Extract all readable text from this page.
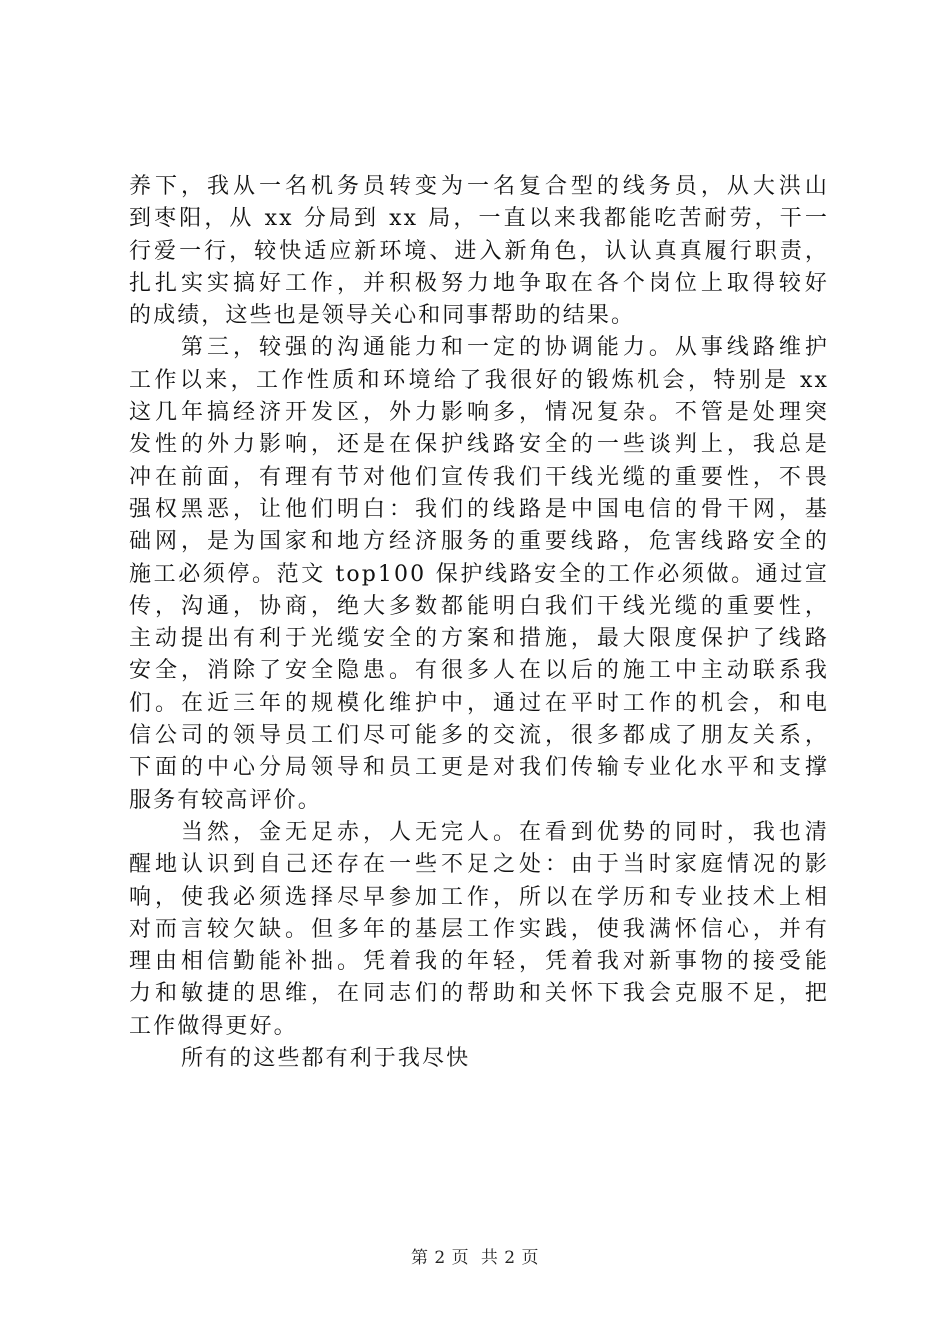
养下，我从一名机务员转变为一名复合型的线务员，从大洪山
到枣阳，从 xx 分局到 xx 局，一直以来我都能吃苦耐劳，干一
行爱一行，较快适应新环境、进入新角色，认认真真履行职责，
扎扎实实搞好工作，并积极努力地争取在各个岗位上取得较好
的成绩，这些也是领导关心和同事帮助的结果。
第三，较强的沟通能力和一定的协调能力。从事线路维护
工作以来，工作性质和环境给了我很好的锻炼机会，特别是 xx
这几年搞经济开发区，外力影响多，情况复杂。不管是处理突
发性的外力影响，还是在保护线路安全的一些谈判上，我总是
冲在前面，有理有节对他们宣传我们干线光缆的重要性，不畏
强权黑恶，让他们明白：我们的线路是中国电信的骨干网，基
础网，是为国家和地方经济服务的重要线路，危害线路安全的
施工必须停。范文 top100 保护线路安全的工作必须做。通过宣
传，沟通，协商，绝大多数都能明白我们干线光缆的重要性，
主动提出有利于光缆安全的方案和措施，最大限度保护了线路
安全，消除了安全隐患。有很多人在以后的施工中主动联系我
们。在近三年的规模化维护中，通过在平时工作的机会，和电
信公司的领导员工们尽可能多的交流，很多都成了朋友关系，
下面的中心分局领导和员工更是对我们传输专业化水平和支撑
服务有较高评价。
当然，金无足赤，人无完人。在看到优势的同时，我也清
醒地认识到自己还存在一些不足之处：由于当时家庭情况的影
响，使我必须选择尽早参加工作，所以在学历和专业技术上相
对而言较欠缺。但多年的基层工作实践，使我满怀信心，并有
理由相信勤能补拙。凭着我的年轻，凭着我对新事物的接受能
力和敏捷的思维，在同志们的帮助和关怀下我会克服不足，把
工作做得更好。
所有的这些都有利于我尽快
第 2 页  共 2 页
